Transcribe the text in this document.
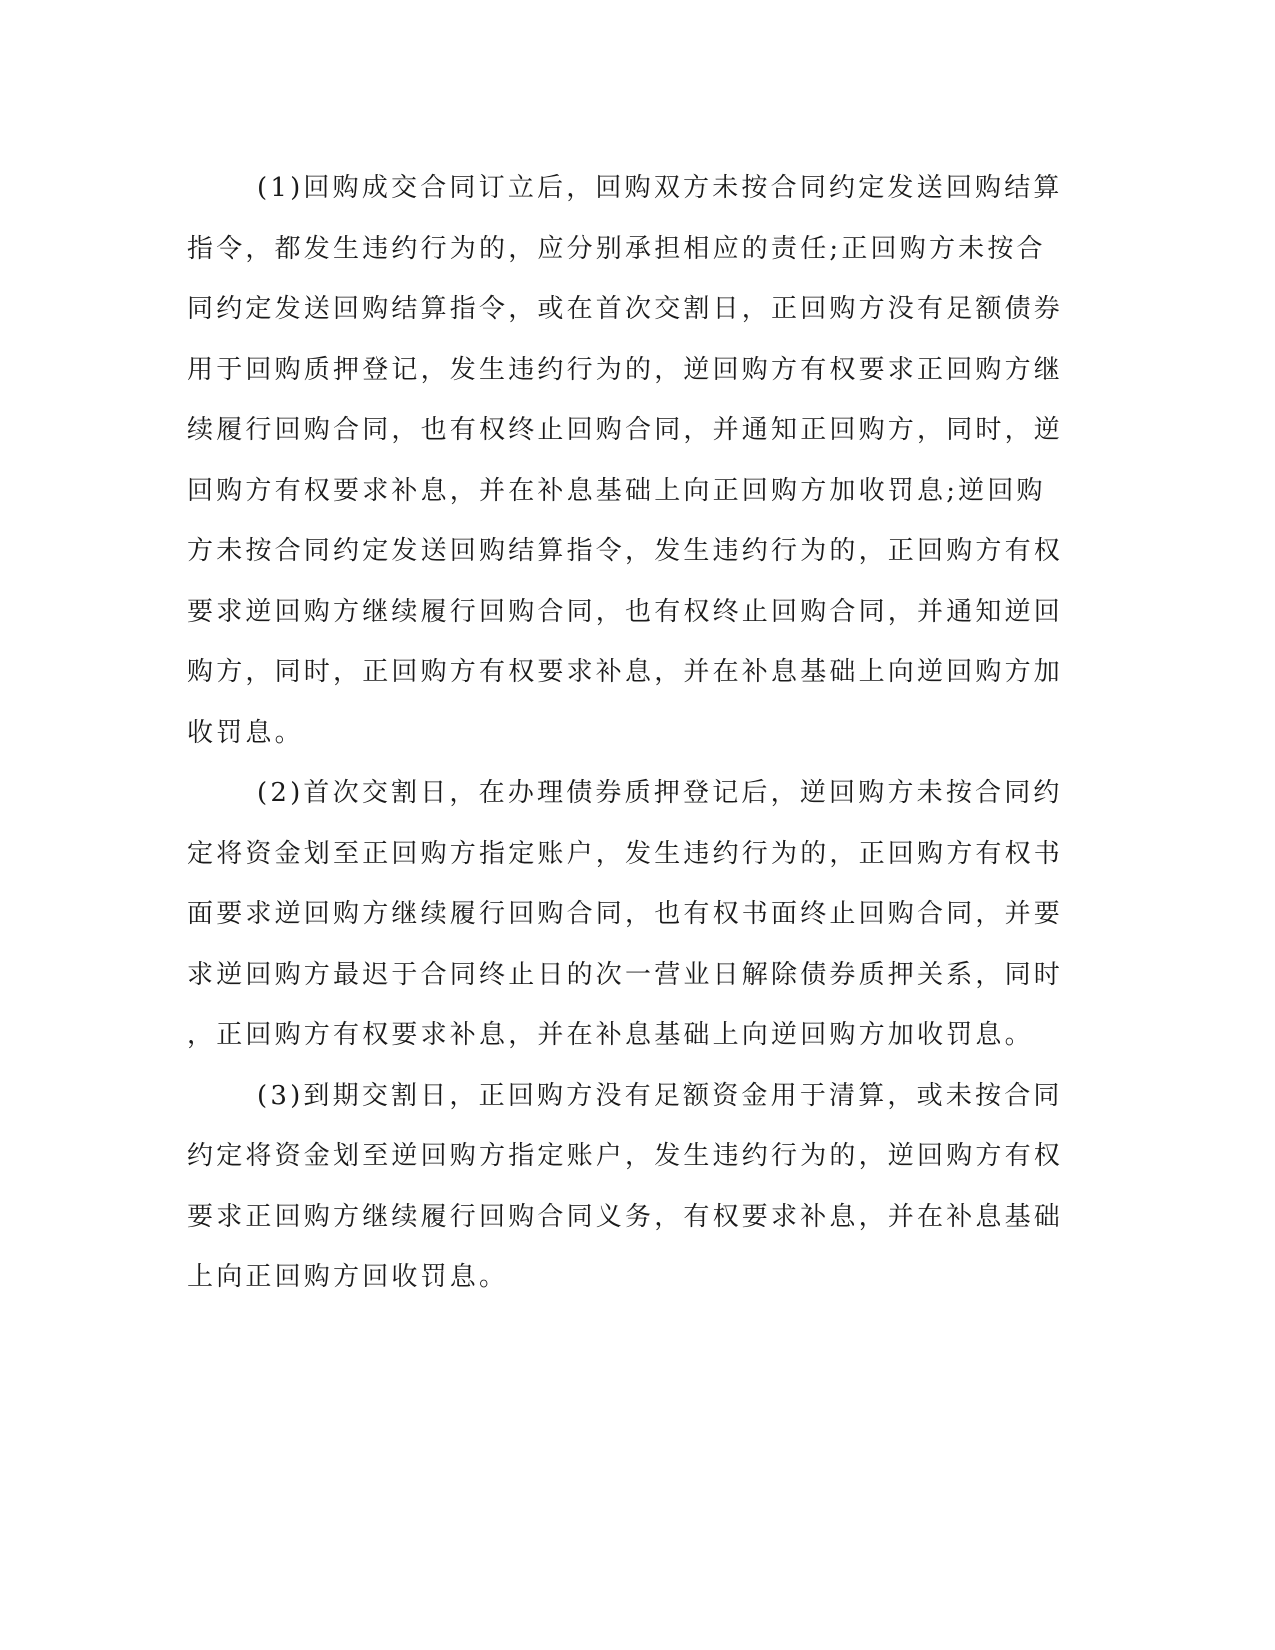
(1)回购成交合同订立后，回购双方未按合同约定发送回购结算指令，都发生违约行为的，应分别承担相应的责任;正回购方未按合同约定发送回购结算指令，或在首次交割日，正回购方没有足额债券用于回购质押登记，发生违约行为的，逆回购方有权要求正回购方继续履行回购合同，也有权终止回购合同，并通知正回购方，同时，逆回购方有权要求补息，并在补息基础上向正回购方加收罚息;逆回购方未按合同约定发送回购结算指令，发生违约行为的，正回购方有权要求逆回购方继续履行回购合同，也有权终止回购合同，并通知逆回购方，同时，正回购方有权要求补息，并在补息基础上向逆回购方加收罚息。

(2)首次交割日，在办理债券质押登记后，逆回购方未按合同约定将资金划至正回购方指定账户，发生违约行为的，正回购方有权书面要求逆回购方继续履行回购合同，也有权书面终止回购合同，并要求逆回购方最迟于合同终止日的次一营业日解除债券质押关系，同时，正回购方有权要求补息，并在补息基础上向逆回购方加收罚息。

(3)到期交割日，正回购方没有足额资金用于清算，或未按合同约定将资金划至逆回购方指定账户，发生违约行为的，逆回购方有权要求正回购方继续履行回购合同义务，有权要求补息，并在补息基础上向正回购方回收罚息。
